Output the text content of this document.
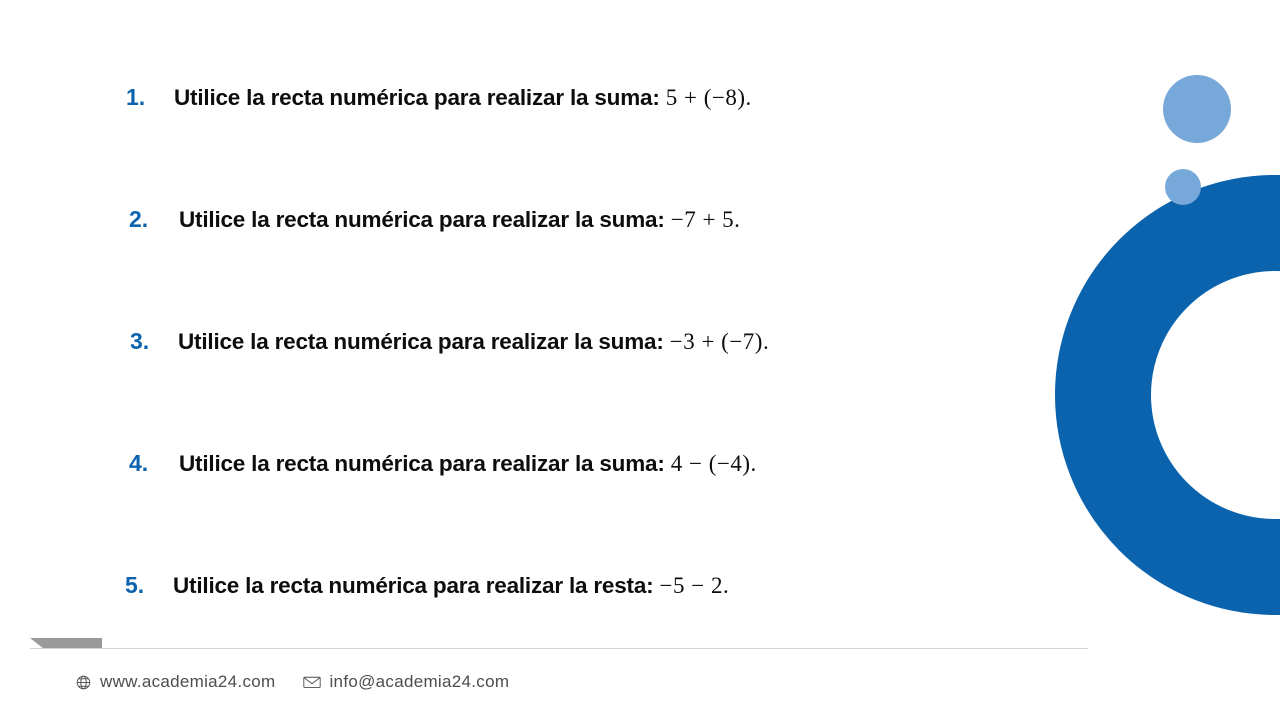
1.	Utilice la recta numérica para realizar la suma: 5 + (−8).
2.	Utilice la recta numérica para realizar la suma: −7 + 5.
3.	Utilice la recta numérica para realizar la suma: −3 + (−7).
4.	Utilice la recta numérica para realizar la suma: 4 − (−4).
5.	Utilice la recta numérica para realizar la resta: −5 − 2.
www.academia24.com	info@academia24.com
